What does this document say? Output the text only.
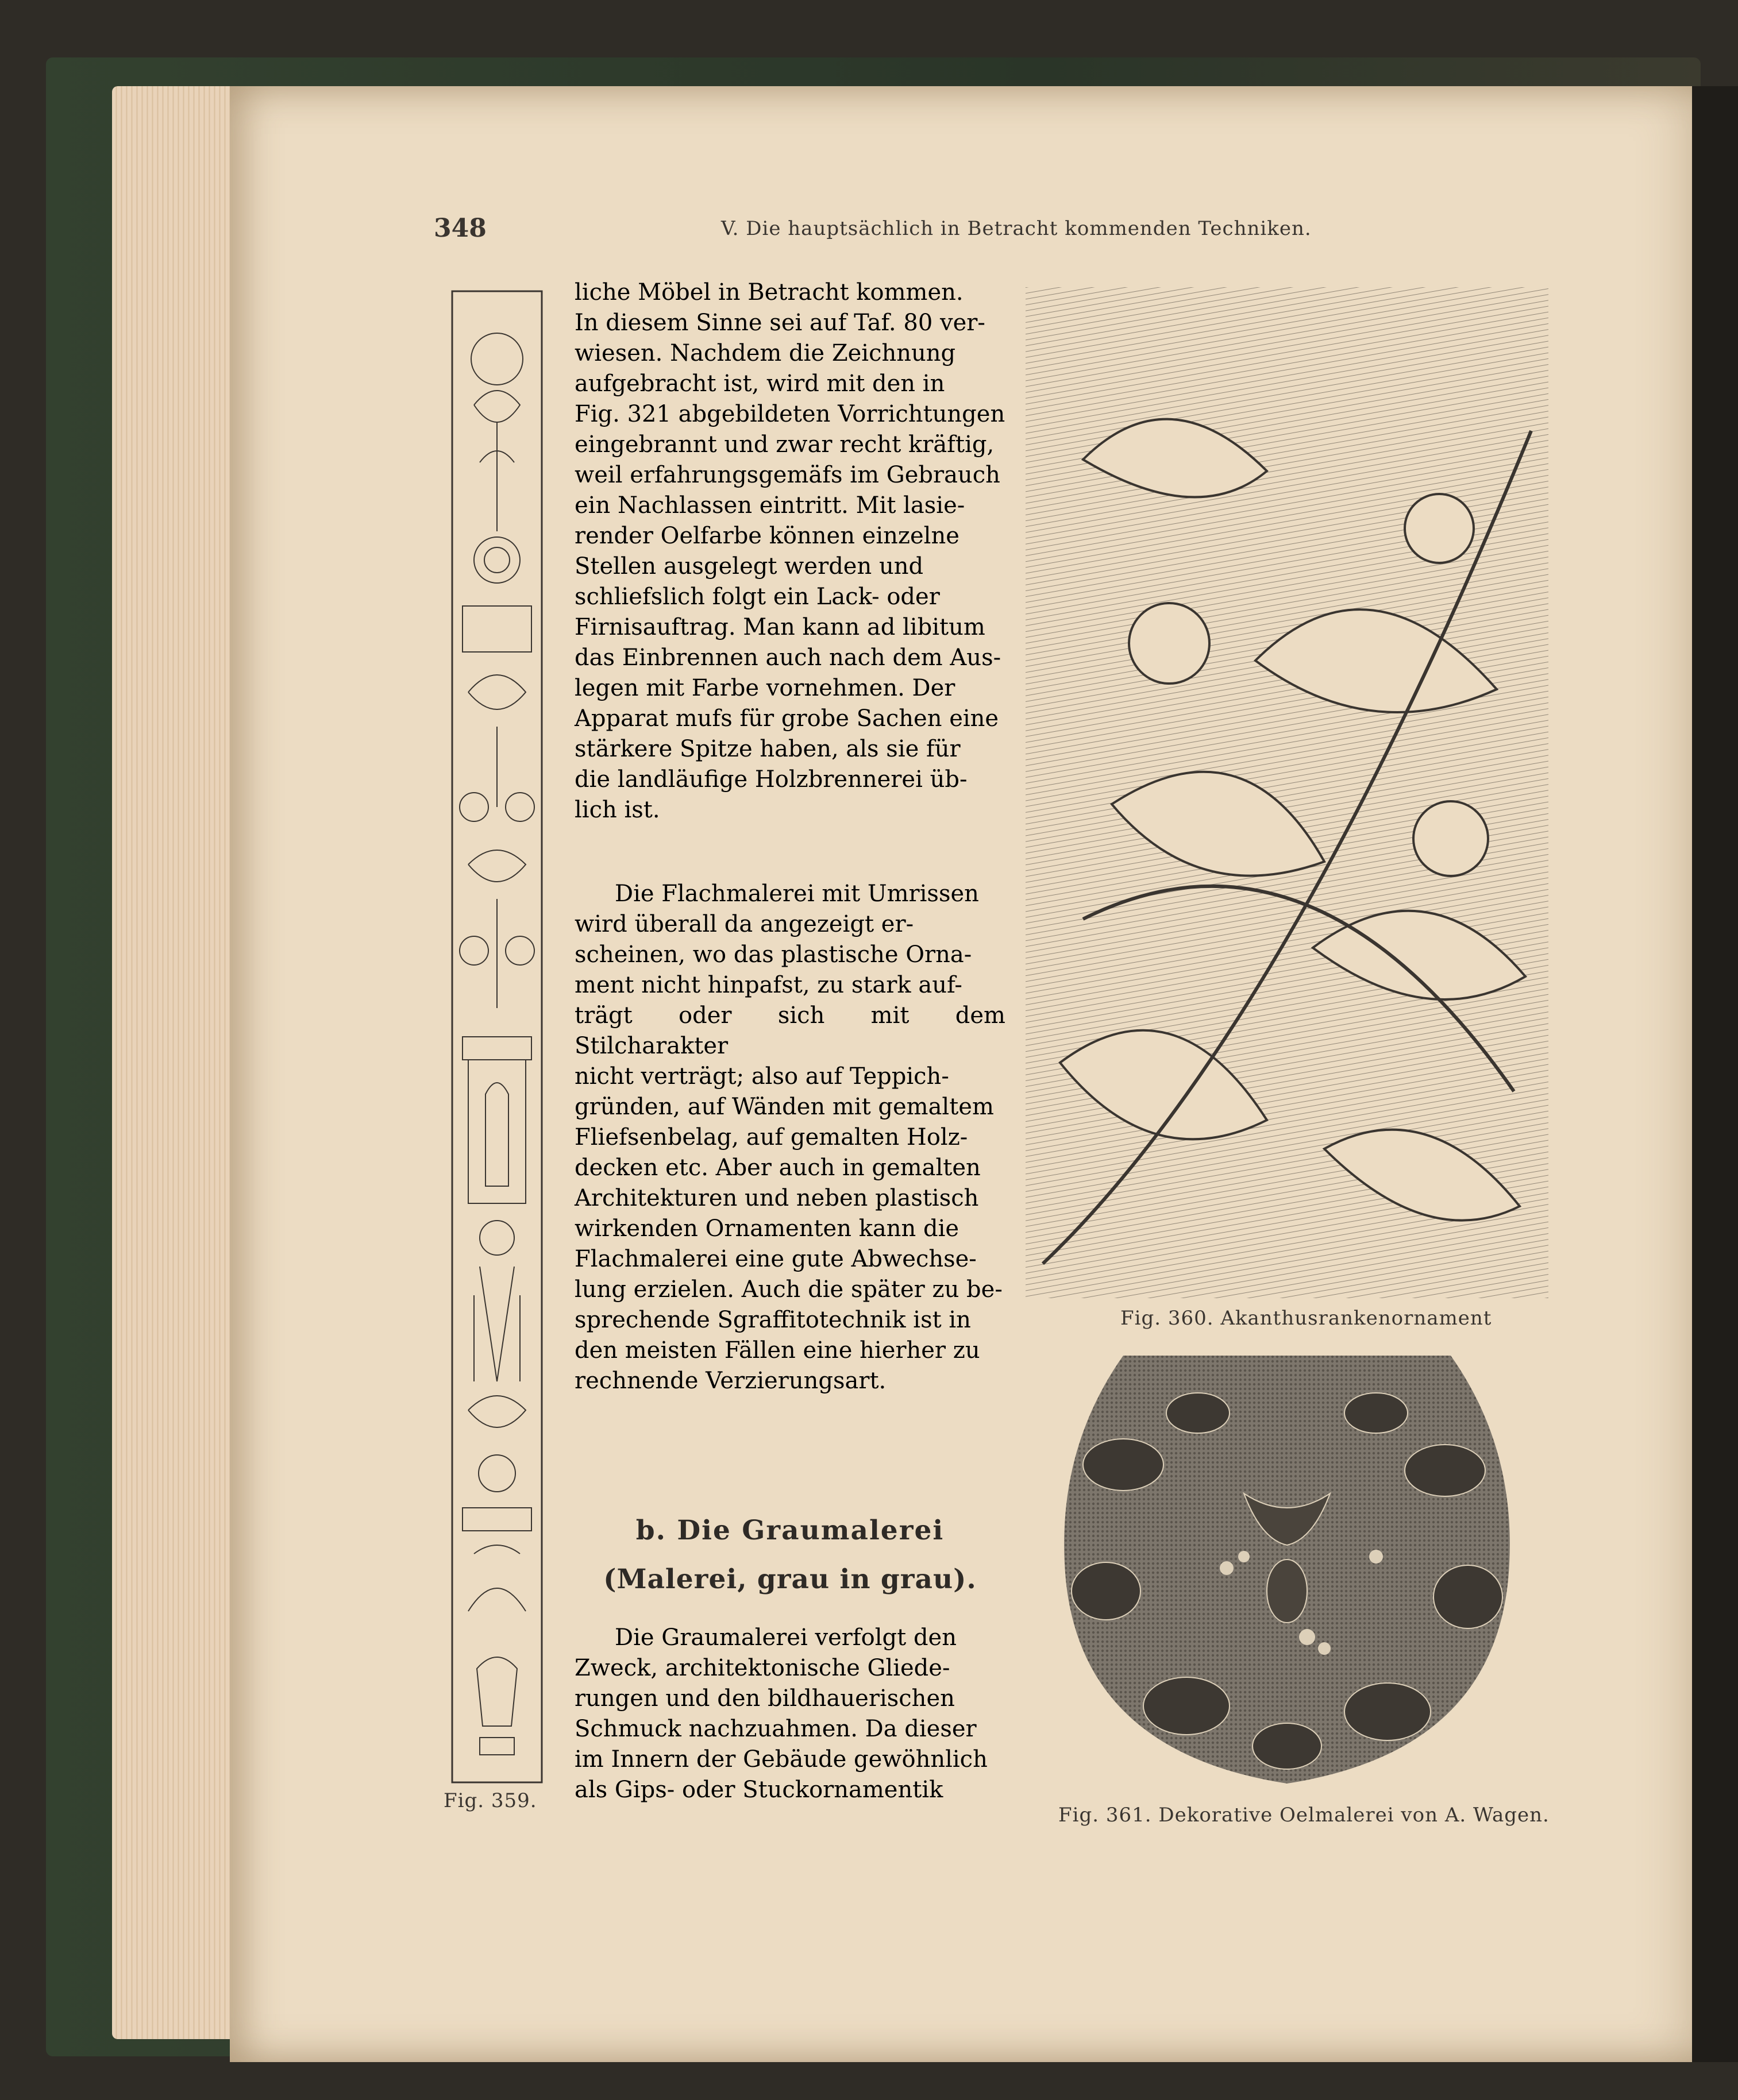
348	V. Die hauptsächlich in Betracht kommenden Techniken.
Fig. 359.

liche Möbel in Betracht kommen.

In diesem Sinne sei auf Taf. 80 ver-

wiesen. Nachdem die Zeichnung

aufgebracht ist, wird mit den in

Fig. 321 abgebildeten Vorrichtungen

eingebrannt und zwar recht kräftig,

weil erfahrungsgemäfs im Gebrauch

ein Nachlassen eintritt. Mit lasie-

render Oelfarbe können einzelne

Stellen ausgelegt werden und

schliefslich folgt ein Lack- oder

Firnisauftrag. Man kann ad libitum

das Einbrennen auch nach dem Aus-

legen mit Farbe vornehmen. Der

Apparat mufs für grobe Sachen eine

stärkere Spitze haben, als sie für

die landläufige Holzbrennerei üb-

lich ist.

Die Flachmalerei mit Umrissen

wird überall da angezeigt er-

scheinen, wo das plastische Orna-

ment nicht hinpafst, zu stark auf-

trägt oder sich mit dem Stilcharakter

nicht verträgt; also auf Teppich-

gründen, auf Wänden mit gemaltem

Fliefsenbelag, auf gemalten Holz-

decken etc. Aber auch in gemalten

Architekturen und neben plastisch

wirkenden Ornamenten kann die

Flachmalerei eine gute Abwechse-

lung erzielen. Auch die später zu be-

sprechende Sgraffitotechnik ist in

den meisten Fällen eine hierher zu

rechnende Verzierungsart.

b. Die Graumalerei
(Malerei, grau in grau).

Die Graumalerei verfolgt den

Zweck, architektonische Gliede-

rungen und den bildhauerischen

Schmuck nachzuahmen. Da dieser

im Innern der Gebäude gewöhnlich

als Gips- oder Stuckornamentik

Fig. 360. Akanthusrankenornament
Fig. 361. Dekorative Oelmalerei von A. Wagen.
